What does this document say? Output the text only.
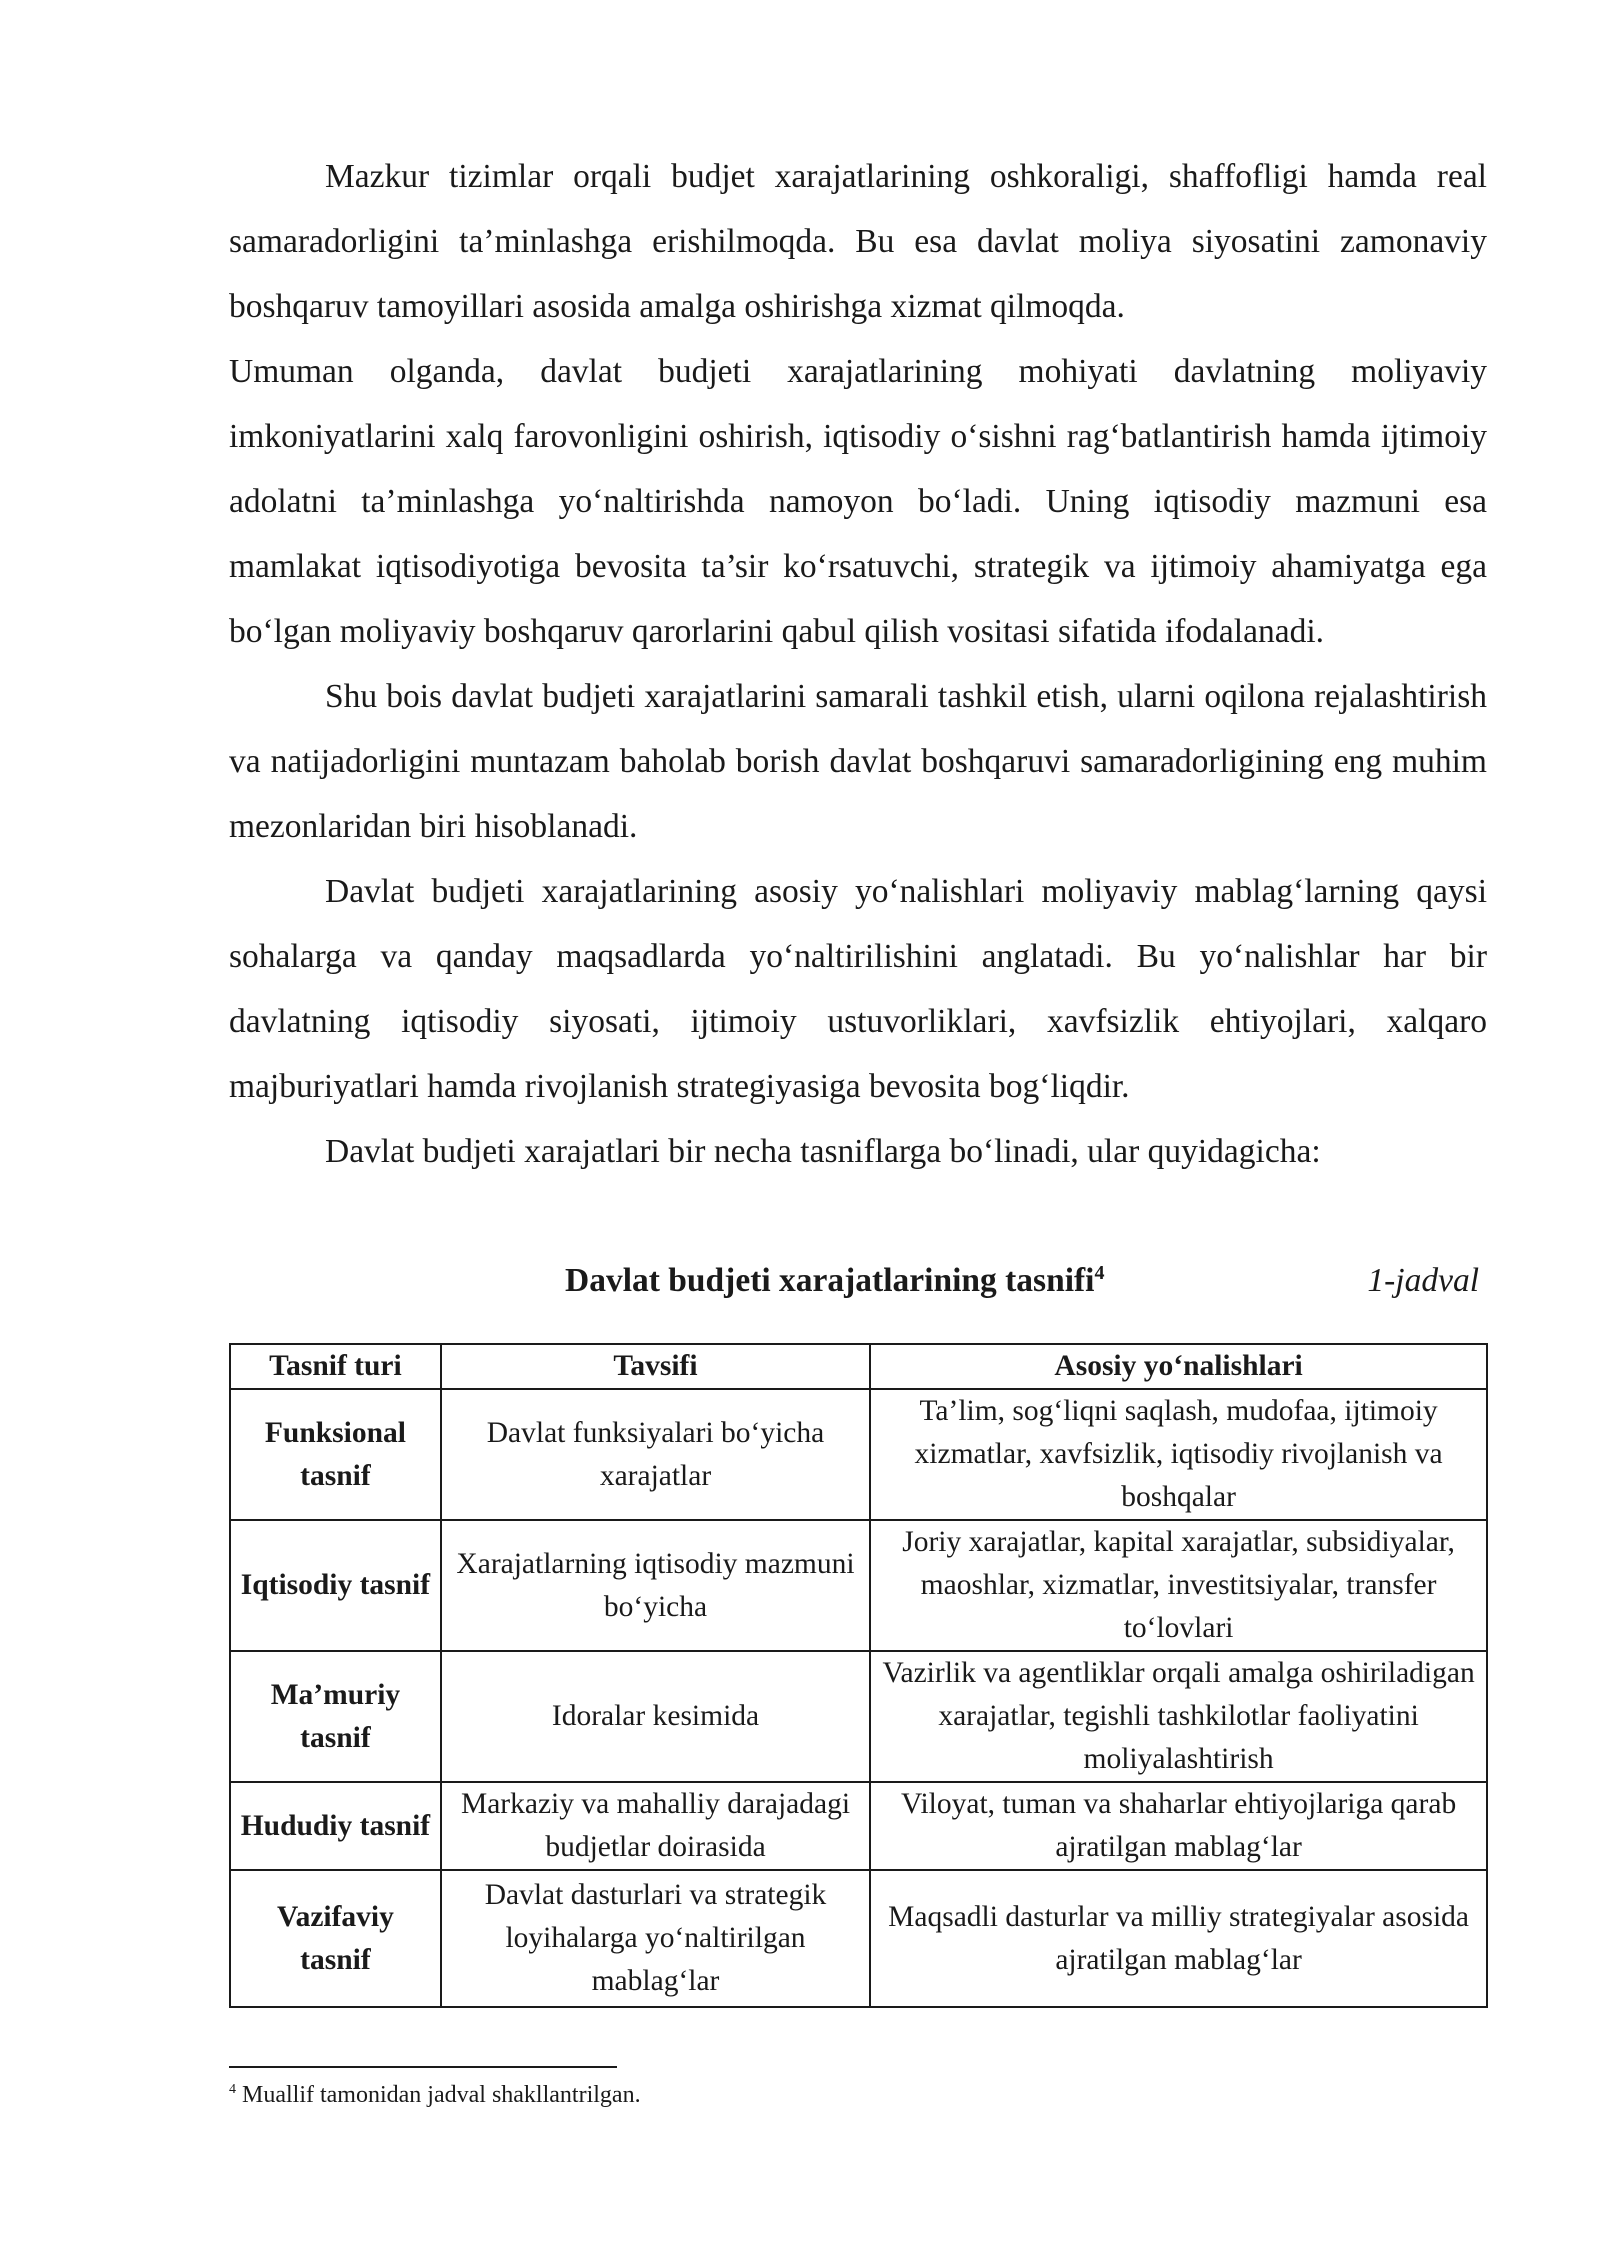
Mazkur tizimlar orqali budjet xarajatlarining oshkoraligi, shaffofligi hamda real samaradorligini ta’minlashga erishilmoqda. Bu esa davlat moliya siyosatini zamonaviy boshqaruv tamoyillari asosida amalga oshirishga xizmat qilmoqda.

Umuman olganda, davlat budjeti xarajatlarining mohiyati davlatning moliyaviy imkoniyatlarini xalq farovonligini oshirish, iqtisodiy o‘sishni rag‘batlantirish hamda ijtimoiy adolatni ta’minlashga yo‘naltirishda namoyon bo‘ladi. Uning iqtisodiy mazmuni esa mamlakat iqtisodiyotiga bevosita ta’sir ko‘rsatuvchi, strategik va ijtimoiy ahamiyatga ega bo‘lgan moliyaviy boshqaruv qarorlarini qabul qilish vositasi sifatida ifodalanadi.

Shu bois davlat budjeti xarajatlarini samarali tashkil etish, ularni oqilona rejalashtirish va natijadorligini muntazam baholab borish davlat boshqaruvi samaradorligining eng muhim mezonlaridan biri hisoblanadi.

Davlat budjeti xarajatlarining asosiy yo‘nalishlari moliyaviy mablag‘larning qaysi sohalarga va qanday maqsadlarda yo‘naltirilishini anglatadi. Bu yo‘nalishlar har bir davlatning iqtisodiy siyosati, ijtimoiy ustuvorliklari, xavfsizlik ehtiyojlari, xalqaro majburiyatlari hamda rivojlanish strategiyasiga bevosita bog‘liqdir.

Davlat budjeti xarajatlari bir necha tasniflarga bo‘linadi, ular quyidagicha:

Davlat budjeti xarajatlarining tasnifi$^4$	1-jadval
Tasnif turi	Tavsifi	Asosiy yo‘nalishlari
Funksional tasnif	Davlat funksiyalari bo‘yicha xarajatlar	Ta’lim, sog‘liqni saqlash, mudofaa, ijtimoiy xizmatlar, xavfsizlik, iqtisodiy rivojlanish va boshqalar
Iqtisodiy tasnif	Xarajatlarning iqtisodiy mazmuni bo‘yicha	Joriy xarajatlar, kapital xarajatlar, subsidiyalar, maoshlar, xizmatlar, investitsiyalar, transfer to‘lovlari
Ma’muriy tasnif	Idoralar kesimida	Vazirlik va agentliklar orqali amalga oshiriladigan xarajatlar, tegishli tashkilotlar faoliyatini moliyalashtirish
Hududiy tasnif	Markaziy va mahalliy darajadagi budjetlar doirasida	Viloyat, tuman va shaharlar ehtiyojlariga qarab ajratilgan mablag‘lar
Vazifaviy tasnif	Davlat dasturlari va strategik loyihalarga yo‘naltirilgan mablag‘lar	Maqsadli dasturlar va milliy strategiyalar asosida ajratilgan mablag‘lar
$^4$ Muallif tamonidan jadval shakllantrilgan.
